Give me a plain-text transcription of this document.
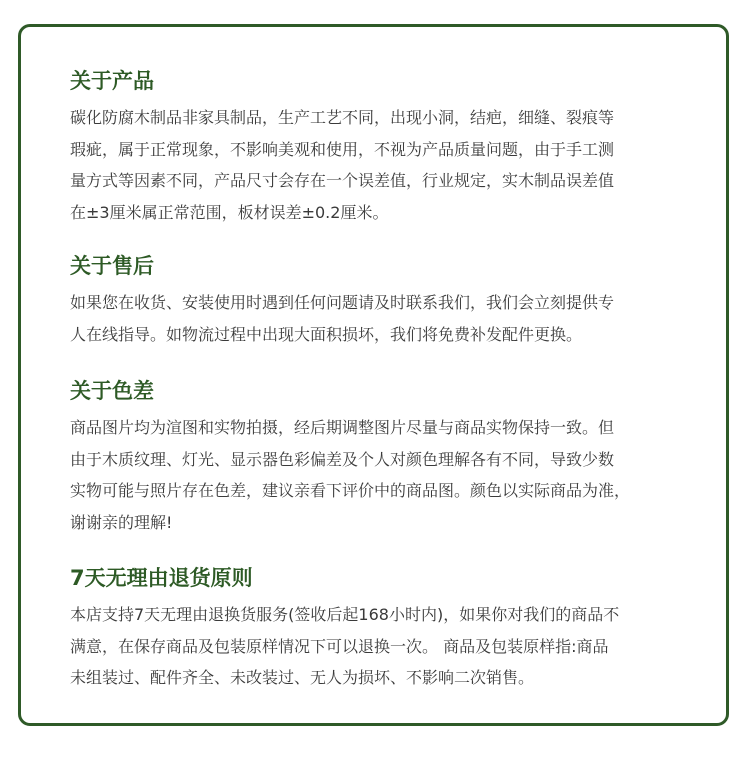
关于产品

碳化防腐木制品非家具制品，生产工艺不同，出现小洞，结疤，细缝、裂痕等
瑕疵，属于正常现象，不影响美观和使用，不视为产品质量问题，由于手工测
量方式等因素不同，产品尺寸会存在一个误差值，行业规定，实木制品误差值
在±3厘米属正常范围，板材误差±0.2厘米。

关于售后

如果您在收货、安装使用时遇到任何问题请及时联系我们，我们会立刻提供专
人在线指导。如物流过程中出现大面积损坏，我们将免费补发配件更换。

关于色差

商品图片均为渲图和实物拍摄，经后期调整图片尽量与商品实物保持一致。但
由于木质纹理、灯光、显示器色彩偏差及个人对颜色理解各有不同，导致少数
实物可能与照片存在色差，建议亲看下评价中的商品图。颜色以实际商品为准，
谢谢亲的理解!

7天无理由退货原则

本店支持7天无理由退换货服务(签收后起168小时内)，如果你对我们的商品不
满意，在保存商品及包装原样情况下可以退换一次。 商品及包装原样指:商品
未组装过、配件齐全、未改装过、无人为损坏、不影响二次销售。
